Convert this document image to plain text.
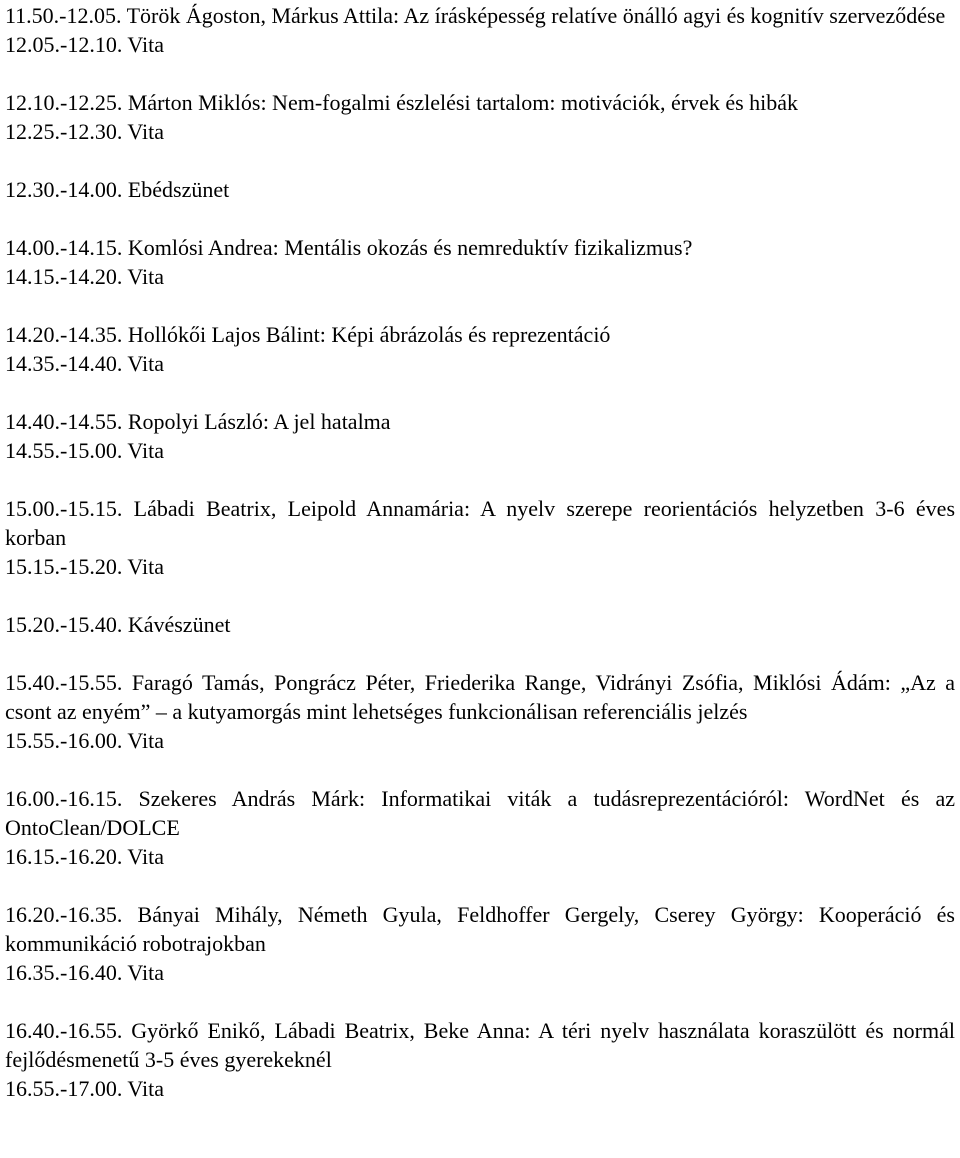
11.50.-12.05. Török Ágoston, Márkus Attila: Az írásképesség relatíve önálló agyi és kognitív szerveződése
12.05.-12.10. Vita
12.10.-12.25. Márton Miklós: Nem-fogalmi észlelési tartalom: motivációk, érvek és hibák
12.25.-12.30. Vita
12.30.-14.00. Ebédszünet
14.00.-14.15. Komlósi Andrea: Mentális okozás és nemreduktív fizikalizmus?
14.15.-14.20. Vita
14.20.-14.35. Hollókői Lajos Bálint: Képi ábrázolás és reprezentáció
14.35.-14.40. Vita
14.40.-14.55. Ropolyi László: A jel hatalma
14.55.-15.00. Vita
15.00.-15.15. Lábadi Beatrix, Leipold Annamária: A nyelv szerepe reorientációs helyzetben 3-6 éves korban
15.15.-15.20. Vita
15.20.-15.40. Kávészünet
15.40.-15.55. Faragó Tamás, Pongrácz Péter, Friederika Range, Vidrányi Zsófia, Miklósi Ádám: „Az a csont az enyém” – a kutyamorgás mint lehetséges funkcionálisan referenciális jelzés
15.55.-16.00. Vita
16.00.-16.15. Szekeres András Márk: Informatikai viták a tudásreprezentációról: WordNet és az OntoClean/DOLCE
16.15.-16.20. Vita
16.20.-16.35. Bányai Mihály, Németh Gyula, Feldhoffer Gergely, Cserey György: Kooperáció és kommunikáció robotrajokban
16.35.-16.40. Vita
16.40.-16.55. Györkő Enikő, Lábadi Beatrix, Beke Anna: A téri nyelv használata koraszülött és normál fejlődésmenetű 3-5 éves gyerekeknél
16.55.-17.00. Vita
